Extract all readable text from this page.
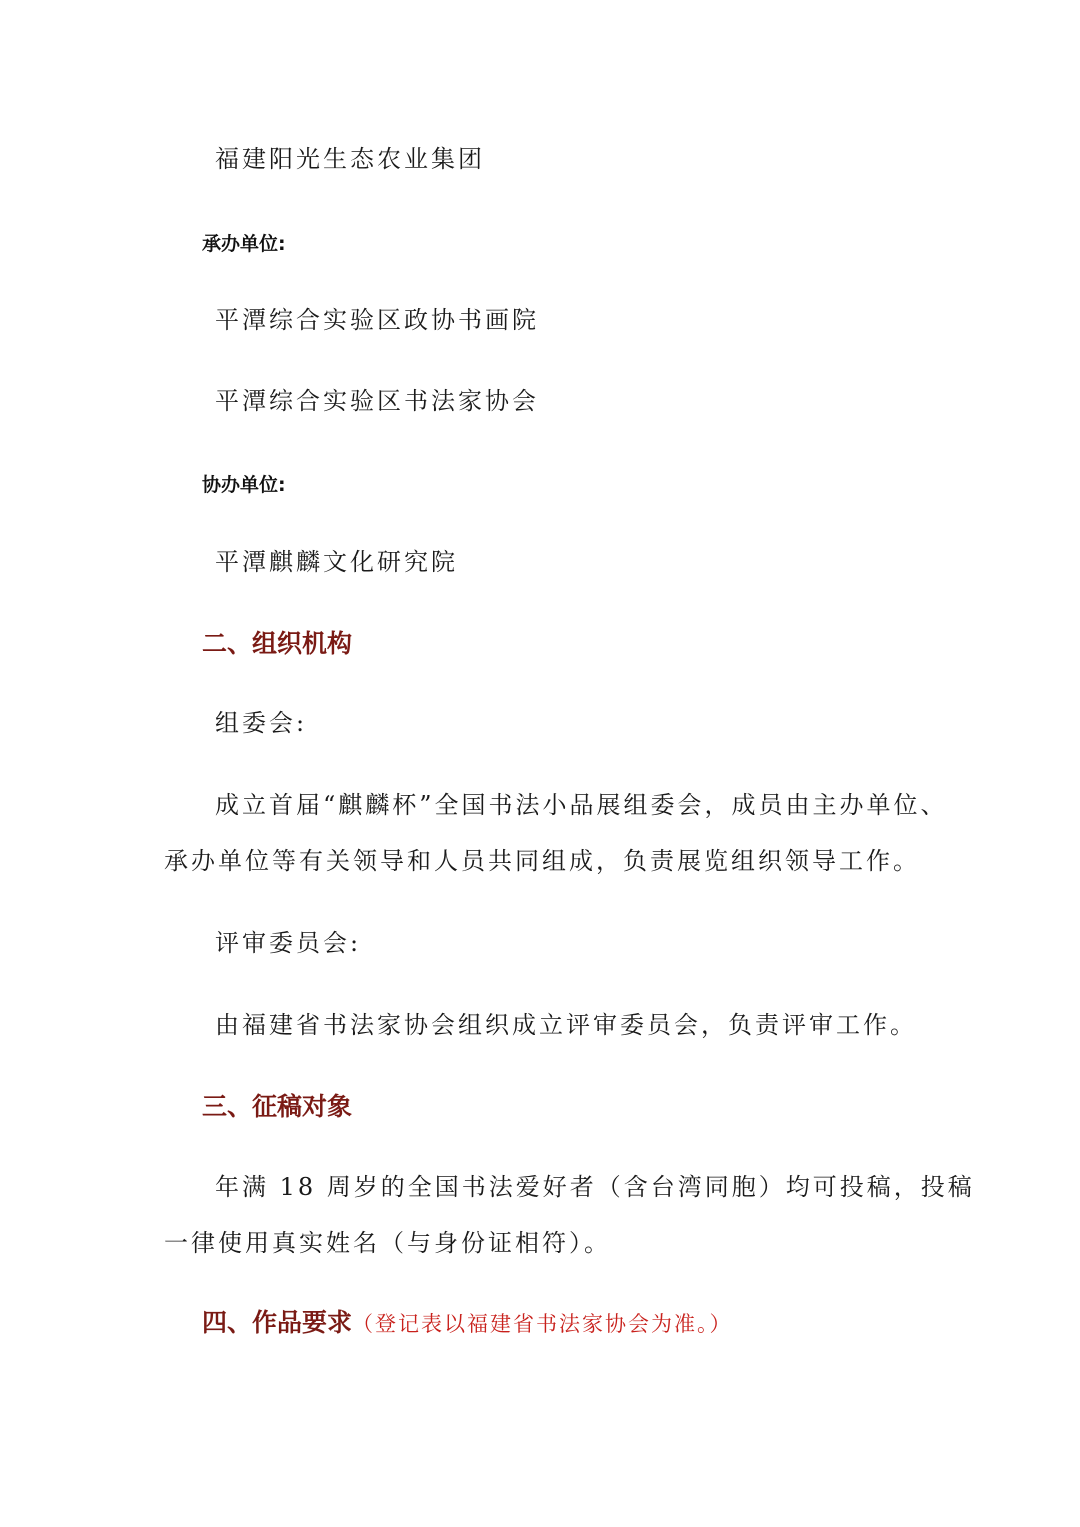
福建阳光生态农业集团
承办单位:
平潭综合实验区政协书画院
平潭综合实验区书法家协会
协办单位:
平潭麒麟文化研究院
二、组织机构
组委会:
成立首届“麒麟杯”全国书法小品展组委会，成员由主办单位、
承办单位等有关领导和人员共同组成，负责展览组织领导工作。
评审委员会:
由福建省书法家协会组织成立评审委员会，负责评审工作。
三、征稿对象
年满 18 周岁的全国书法爱好者（含台湾同胞）均可投稿，投稿
一律使用真实姓名（与身份证相符）。
四、作品要求（登记表以福建省书法家协会为准。）
